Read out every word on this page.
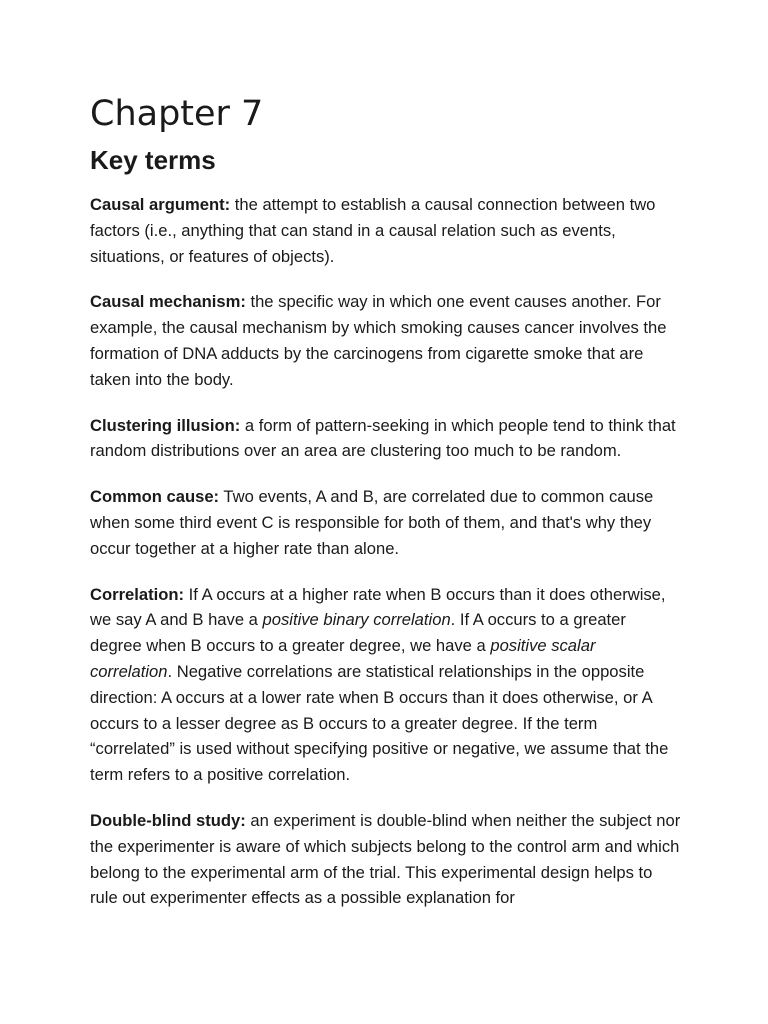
Chapter 7
Key terms

Causal argument: the attempt to establish a causal connection between two factors (i.e., anything that can stand in a causal relation such as events, situations, or features of objects).

Causal mechanism: the specific way in which one event causes another. For example, the causal mechanism by which smoking causes cancer involves the formation of DNA adducts by the carcinogens from cigarette smoke that are taken into the body.

Clustering illusion: a form of pattern-seeking in which people tend to think that random distributions over an area are clustering too much to be random.

Common cause: Two events, A and B, are correlated due to common cause when some third event C is responsible for both of them, and that's why they occur together at a higher rate than alone.

Correlation: If A occurs at a higher rate when B occurs than it does otherwise, we say A and B have a positive binary correlation. If A occurs to a greater degree when B occurs to a greater degree, we have a positive scalar correlation. Negative correlations are statistical relationships in the opposite direction: A occurs at a lower rate when B occurs than it does otherwise, or A occurs to a lesser degree as B occurs to a greater degree. If the term “correlated” is used without specifying positive or negative, we assume that the term refers to a positive correlation.

Double-blind study: an experiment is double-blind when neither the subject nor the experimenter is aware of which subjects belong to the control arm and which belong to the experimental arm of the trial. This experimental design helps to rule out experimenter effects as a possible explanation for
